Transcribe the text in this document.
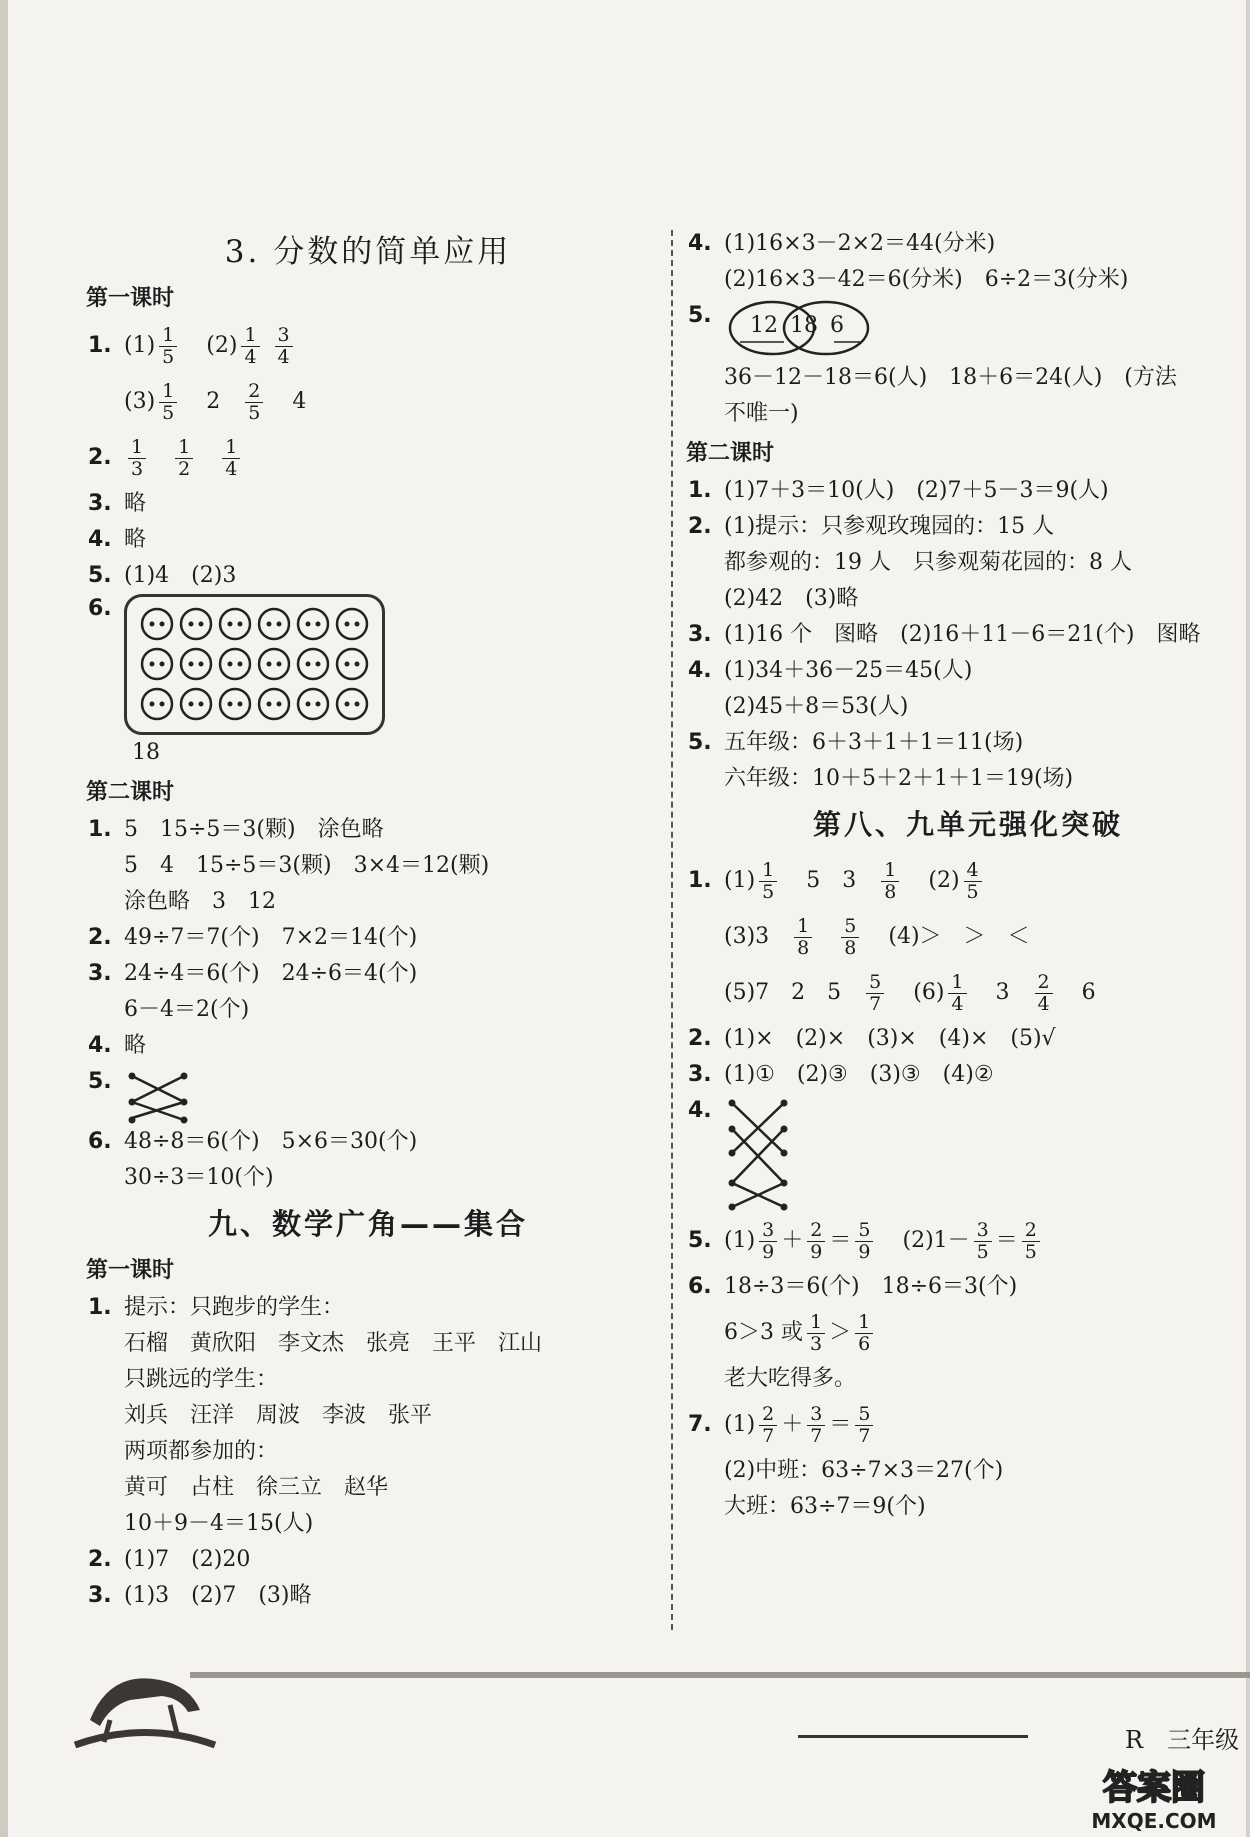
3. 分数的简单应用
第一课时
1. $(1) \frac{1}{5} (2) \frac{1}{4}$
$\frac{3}{4}$
$(3) \frac{1}{5} 2 \frac{2}{5} 4$
2. $\frac{1}{3}$
$\frac{1}{2}$
$\frac{1}{4}$
3. 略
4. 略
5. (1)4　(2)3
6.
18
第二课时
1. 5　15÷5＝3(颗)　涂色略
5　4　15÷5＝3(颗)　3×4＝12(颗)
涂色略　3　12
2. 49÷7＝7(个)　7×2＝14(个)
3. 24÷4＝6(个)　24÷6＝4(个)
6－4＝2(个)
4. 略
5.
6. 48÷8＝6(个)　5×6＝30(个)
30÷3＝10(个)
九、数学广角——集合
第一课时
1. 提示：只跑步的学生：
石榴　黄欣阳　李文杰　张亮　王平　江山
只跳远的学生：
刘兵　汪洋　周波　李波　张平
两项都参加的：
黄可　占柱　徐三立　赵华
10＋9－4＝15(人)
2. (1)7　(2)20
3. (1)3　(2)7　(3)略
4. (1)16×3－2×2＝44(分米)
(2)16×3－42＝6(分米)　6÷2＝3(分米)
5. 12 18 6
36－12－18＝6(人)　18＋6＝24(人)　(方法
不唯一)
第二课时
1. (1)7＋3＝10(人)　(2)7＋5－3＝9(人)
2. (1)提示：只参观玫瑰园的：15 人
都参观的：19 人　只参观菊花园的：8 人
(2)42　(3)略
3. (1)16 个　图略　(2)16＋11－6＝21(个)　图略
4. (1)34＋36－25＝45(人)
(2)45＋8＝53(人)
5. 五年级：6＋3＋1＋1＝11(场)
六年级：10＋5＋2＋1＋1＝19(场)
第八、九单元强化突破
1. $(1) \frac{1}{5} 5$　$3 \frac{1}{8} (2) \frac{4}{5}$
$(3)3 \frac{1}{8}$
$\frac{5}{8} (4)>$　＞　＜
(5)7　2　$5 \frac{5}{7} (6) \frac{1}{4} 3 \frac{2}{4} 6$
2. (1)×　(2)×　(3)×　(4)×　(5)√
3. (1)①　(2)③　(3)③　(4)②
4.
5. $(1) \frac{3}{9} + \frac{2}{9} = \frac{5}{9} (2)1- \frac{3}{5} = \frac{2}{5}$
6. 18÷3＝6(个)　18÷6＝3(个)
6＞3 或 $\frac{1}{3} > \frac{1}{6}$
老大吃得多。
7. $(1) \frac{2}{7} + \frac{3}{7} = \frac{5}{7}$
(2)中班：63÷7×3＝27(个)
大班：63÷7＝9(个)
R　三年级
答案圈
MXQE.COM
